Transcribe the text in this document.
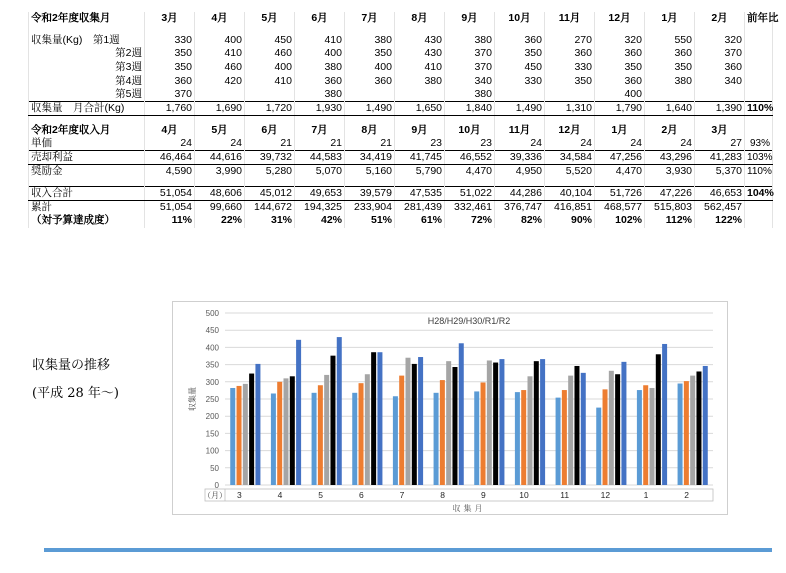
令和2年度収集月	3月	4月	5月	6月	7月	8月	9月	10月	11月	12月	1月	2月	前年比

収集量(Kg)　第1週	330	400	450	410	380	430	380	360	270	320	550	320	
第2週	350	410	460	400	350	430	370	350	360	360	360	370	
第3週	350	460	400	380	400	410	370	450	330	350	350	360	
第4週	360	420	410	360	360	380	340	330	350	360	380	340	
第5週	370			380			380			400			
収集量　月合計(Kg)	1,760	1,690	1,720	1,930	1,490	1,650	1,840	1,490	1,310	1,790	1,640	1,390	110%

令和2年度収入月	4月	5月	6月	7月	8月	9月	10月	11月	12月	1月	2月	3月	
単価	24	24	21	21	21	23	23	24	24	24	24	27	93%
売却利益	46,464	44,616	39,732	44,583	34,419	41,745	46,552	39,336	34,584	47,256	43,296	41,283	103%
奨励金	4,590	3,990	5,280	5,070	5,160	5,790	4,470	4,950	5,520	4,470	3,930	5,370	110%

収入合計	51,054	48,606	45,012	49,653	39,579	47,535	51,022	44,286	40,104	51,726	47,226	46,653	104%
累計	51,054	99,660	144,672	194,325	233,904	281,439	332,461	376,747	416,851	468,577	515,803	562,457	
（対予算達成度）	11%	22%	31%	42%	51%	61%	72%	82%	90%	102%	112%	122%	
収集量の推移
(平成 28 年～)
0
50
100
150
200
250
300
350
400
450
500
H28/H29/H30/R1/R2
収集量
（月） 3	4	5	6	7	8	9	10	11	12	1	2
収集月
